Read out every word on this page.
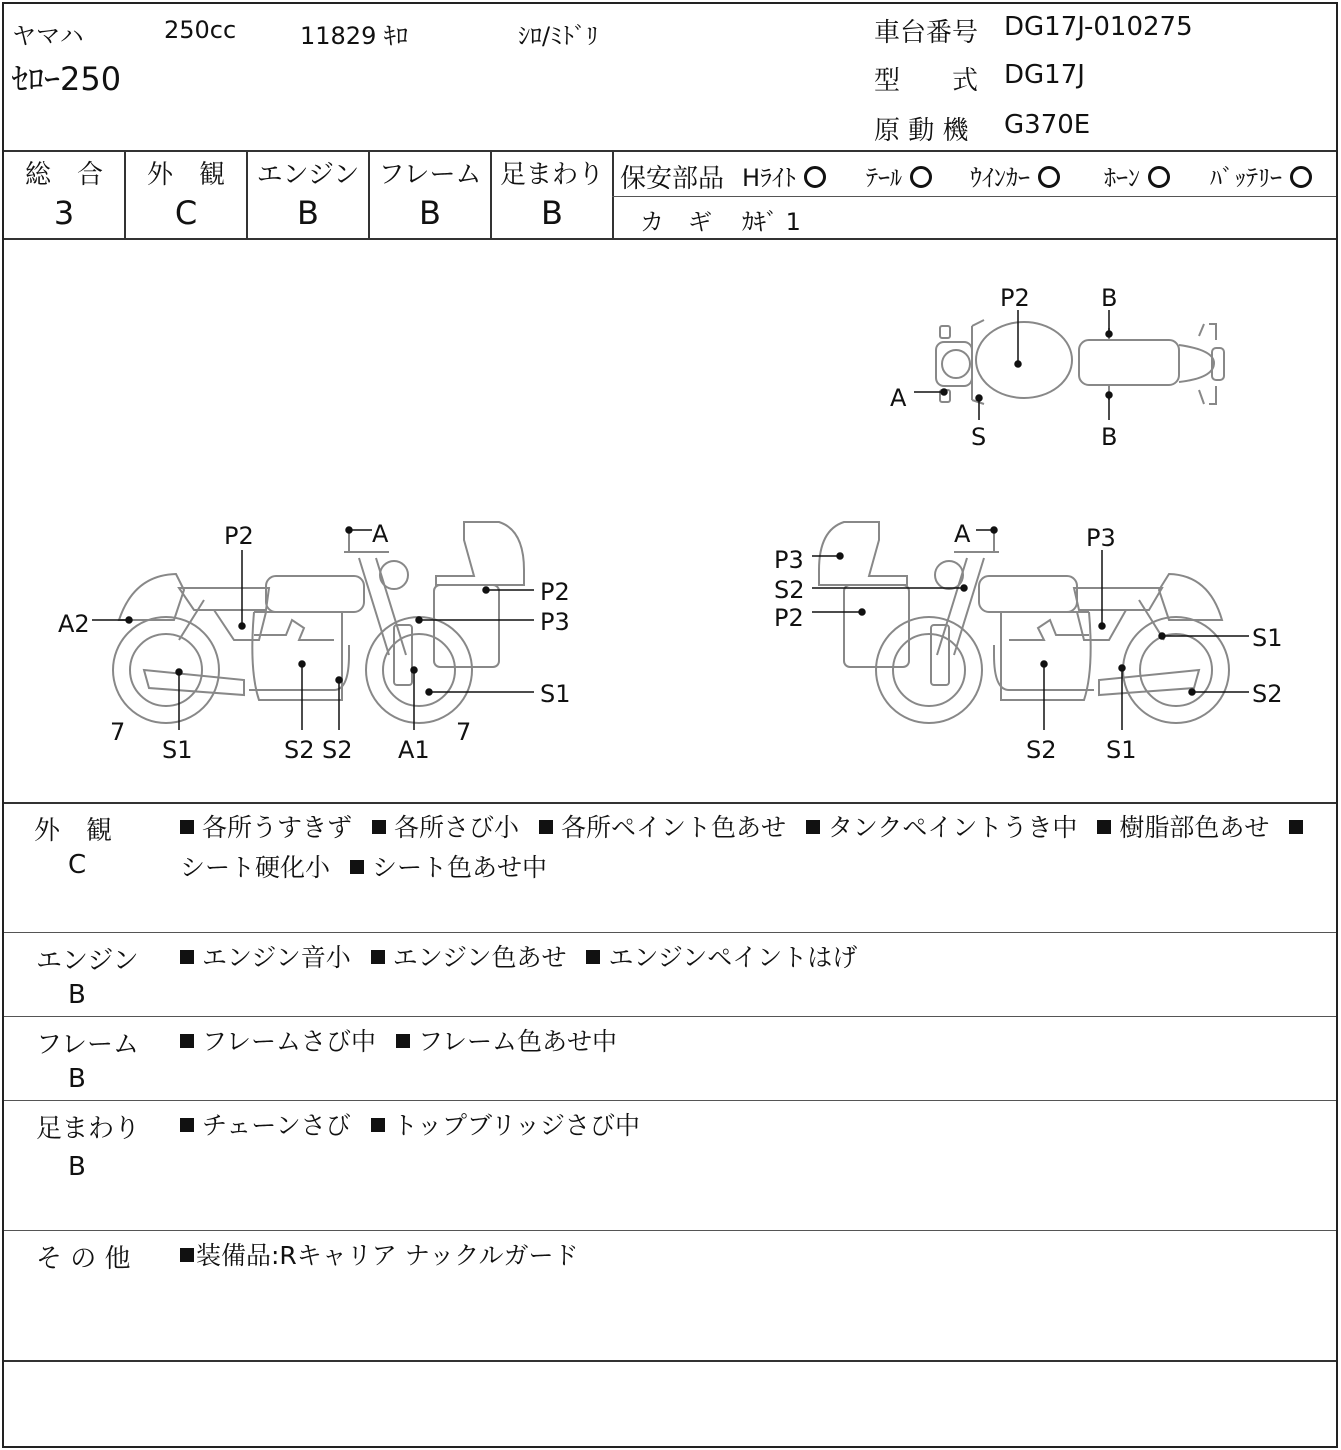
ヤマハ	250cc	11829 ｷﾛ	ｼﾛ/ﾐﾄﾞﾘ
ｾﾛｰ250
車台番号 DG17J-010275
型　　式 DG17J
原 動 機 G370E
総　合
3
外　観
C
エンジン
B
フレーム
B
足まわり
B
保安部品 Hﾗｲﾄ	ﾃｰﾙ	ｳｲﾝｶｰ	ﾎｰﾝ	ﾊﾞｯﾃﾘｰ
カ　ギ ｶｷﾞ 1
P2	B
A
S	B
P2	A
A2
P2
P3
S1
7
S1	S2 S2 A1
7
A	P3
P3
S2
P2
S1
S2
S2 S1
外　観
C
各所うすきず 各所さび小 各所ペイント色あせ タンクペイントうき中 樹脂部色あせ シート硬化小 シート色あせ中
エンジン
B
エンジン音小 エンジン色あせ エンジンペイントはげ
フレーム
B
フレームさび中 フレーム色あせ中
足まわり
B
チェーンさび トップブリッジさび中
そ の 他	装備品:Rキャリア ナックルガード
